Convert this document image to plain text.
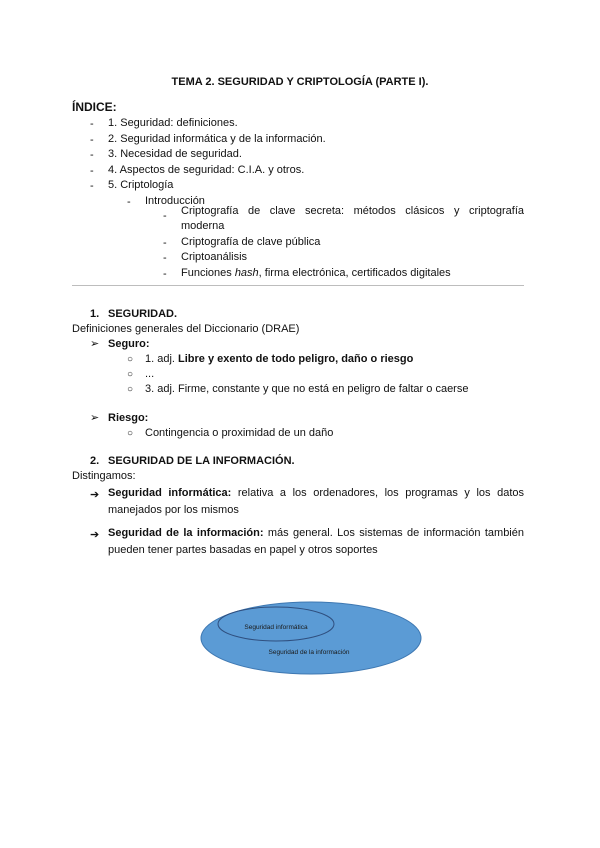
TEMA 2. SEGURIDAD Y CRIPTOLOGÍA (PARTE I).
ÍNDICE:
- 1. Seguridad: definiciones.
- 2. Seguridad informática y de la información.
- 3. Necesidad de seguridad.
- 4. Aspectos de seguridad: C.I.A. y otros.
- 5. Criptología
- Introducción
- Criptografía de clave secreta: métodos clásicos y criptografía
moderna
- Criptografía de clave pública
- Criptoanálisis
- Funciones hash, firma electrónica, certificados digitales
1. SEGURIDAD.
Definiciones generales del Diccionario (DRAE)
➢ Seguro:
○ 1. adj. Libre y exento de todo peligro, daño o riesgo
○ ...
○ 3. adj. Firme, constante y que no está en peligro de faltar o caerse
➢ Riesgo:
○ Contingencia o proximidad de un daño
2. SEGURIDAD DE LA INFORMACIÓN.
Distingamos:
➔ Seguridad informática: relativa a los ordenadores, los programas y los datos
manejados por los mismos
➔ Seguridad de la información: más general. Los sistemas de información también
pueden tener partes basadas en papel y otros soportes
Seguridad informática
Seguridad de la información
